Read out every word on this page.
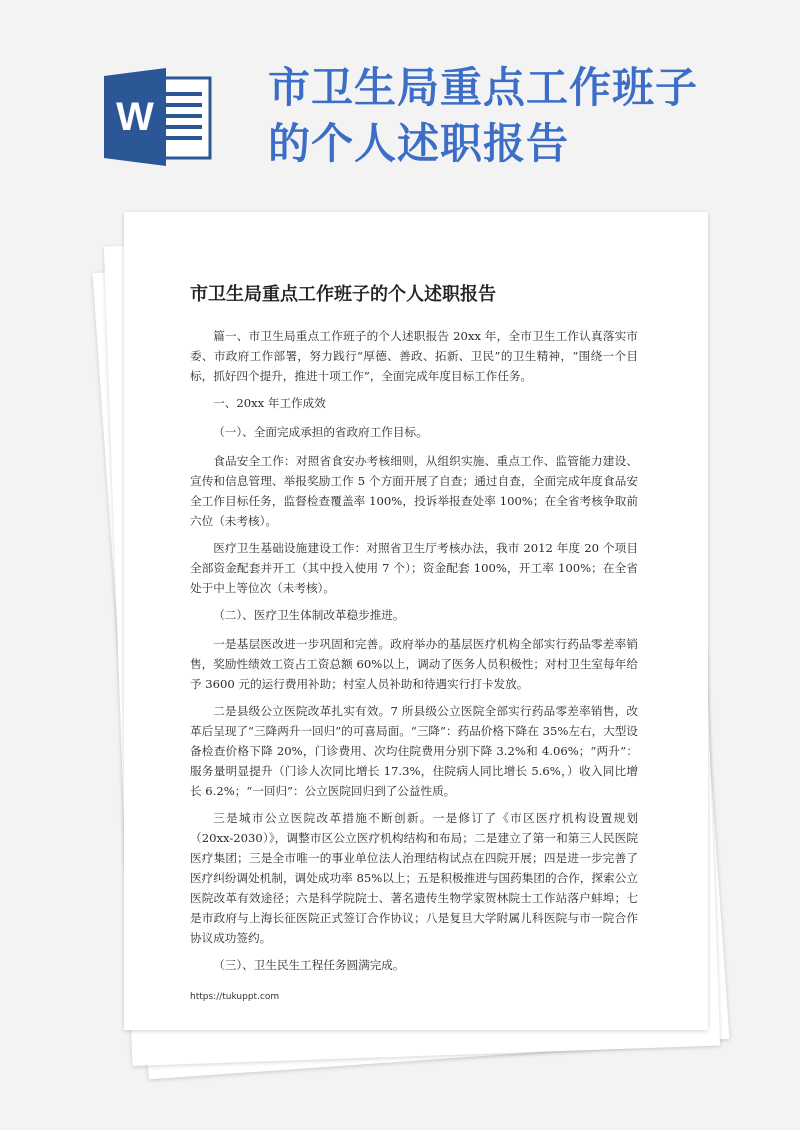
W
市卫生局重点工作班子
的个人述职报告
市卫生局重点工作班子的个人述职报告

篇一、市卫生局重点工作班子的个人述职报告 20xx 年，全市卫生工作认真落实市委、市政府工作部署，努力践行“厚德、善政、拓新、卫民”的卫生精神，“围绕一个目标，抓好四个提升，推进十项工作”，全面完成年度目标工作任务。

一、20xx 年工作成效

（一）、全面完成承担的省政府工作目标。

食品安全工作：对照省食安办考核细则，从组织实施、重点工作、监管能力建设、宣传和信息管理、举报奖励工作 5 个方面开展了自查；通过自查，全面完成年度食品安全工作目标任务，监督检查覆盖率 100%，投诉举报查处率 100%；在全省考核争取前六位（未考核）。

医疗卫生基础设施建设工作：对照省卫生厅考核办法，我市 2012 年度 20 个项目全部资金配套并开工（其中投入使用 7 个）；资金配套 100%，开工率 100%；在全省处于中上等位次（未考核）。

（二）、医疗卫生体制改革稳步推进。

一是基层医改进一步巩固和完善。政府举办的基层医疗机构全部实行药品零差率销售，奖励性绩效工资占工资总额 60%以上，调动了医务人员积极性；对村卫生室每年给予 3600 元的运行费用补助；村室人员补助和待遇实行打卡发放。

二是县级公立医院改革扎实有效。7 所县级公立医院全部实行药品零差率销售，改革后呈现了“三降两升一回归”的可喜局面。“三降”：药品价格下降在 35%左右，大型设备检查价格下降 20%，门诊费用、次均住院费用分别下降 3.2%和 4.06%；“两升”：服务量明显提升（门诊人次同比增长 17.3%，住院病人同比增长 5.6%，）收入同比增长 6.2%；“一回归”：公立医院回归到了公益性质。

三是城市公立医院改革措施不断创新。一是修订了《市区医疗机构设置规划（20xx-2030）》，调整市区公立医疗机构结构和布局；二是建立了第一和第三人民医院医疗集团；三是全市唯一的事业单位法人治理结构试点在四院开展；四是进一步完善了医疗纠纷调处机制，调处成功率 85%以上；五是积极推进与国药集团的合作，探索公立医院改革有效途径；六是科学院院士、著名遗传生物学家贺林院士工作站落户蚌埠；七是市政府与上海长征医院正式签订合作协议；八是复旦大学附属儿科医院与市一院合作协议成功签约。

（三）、卫生民生工程任务圆满完成。

https://tukuppt.com
